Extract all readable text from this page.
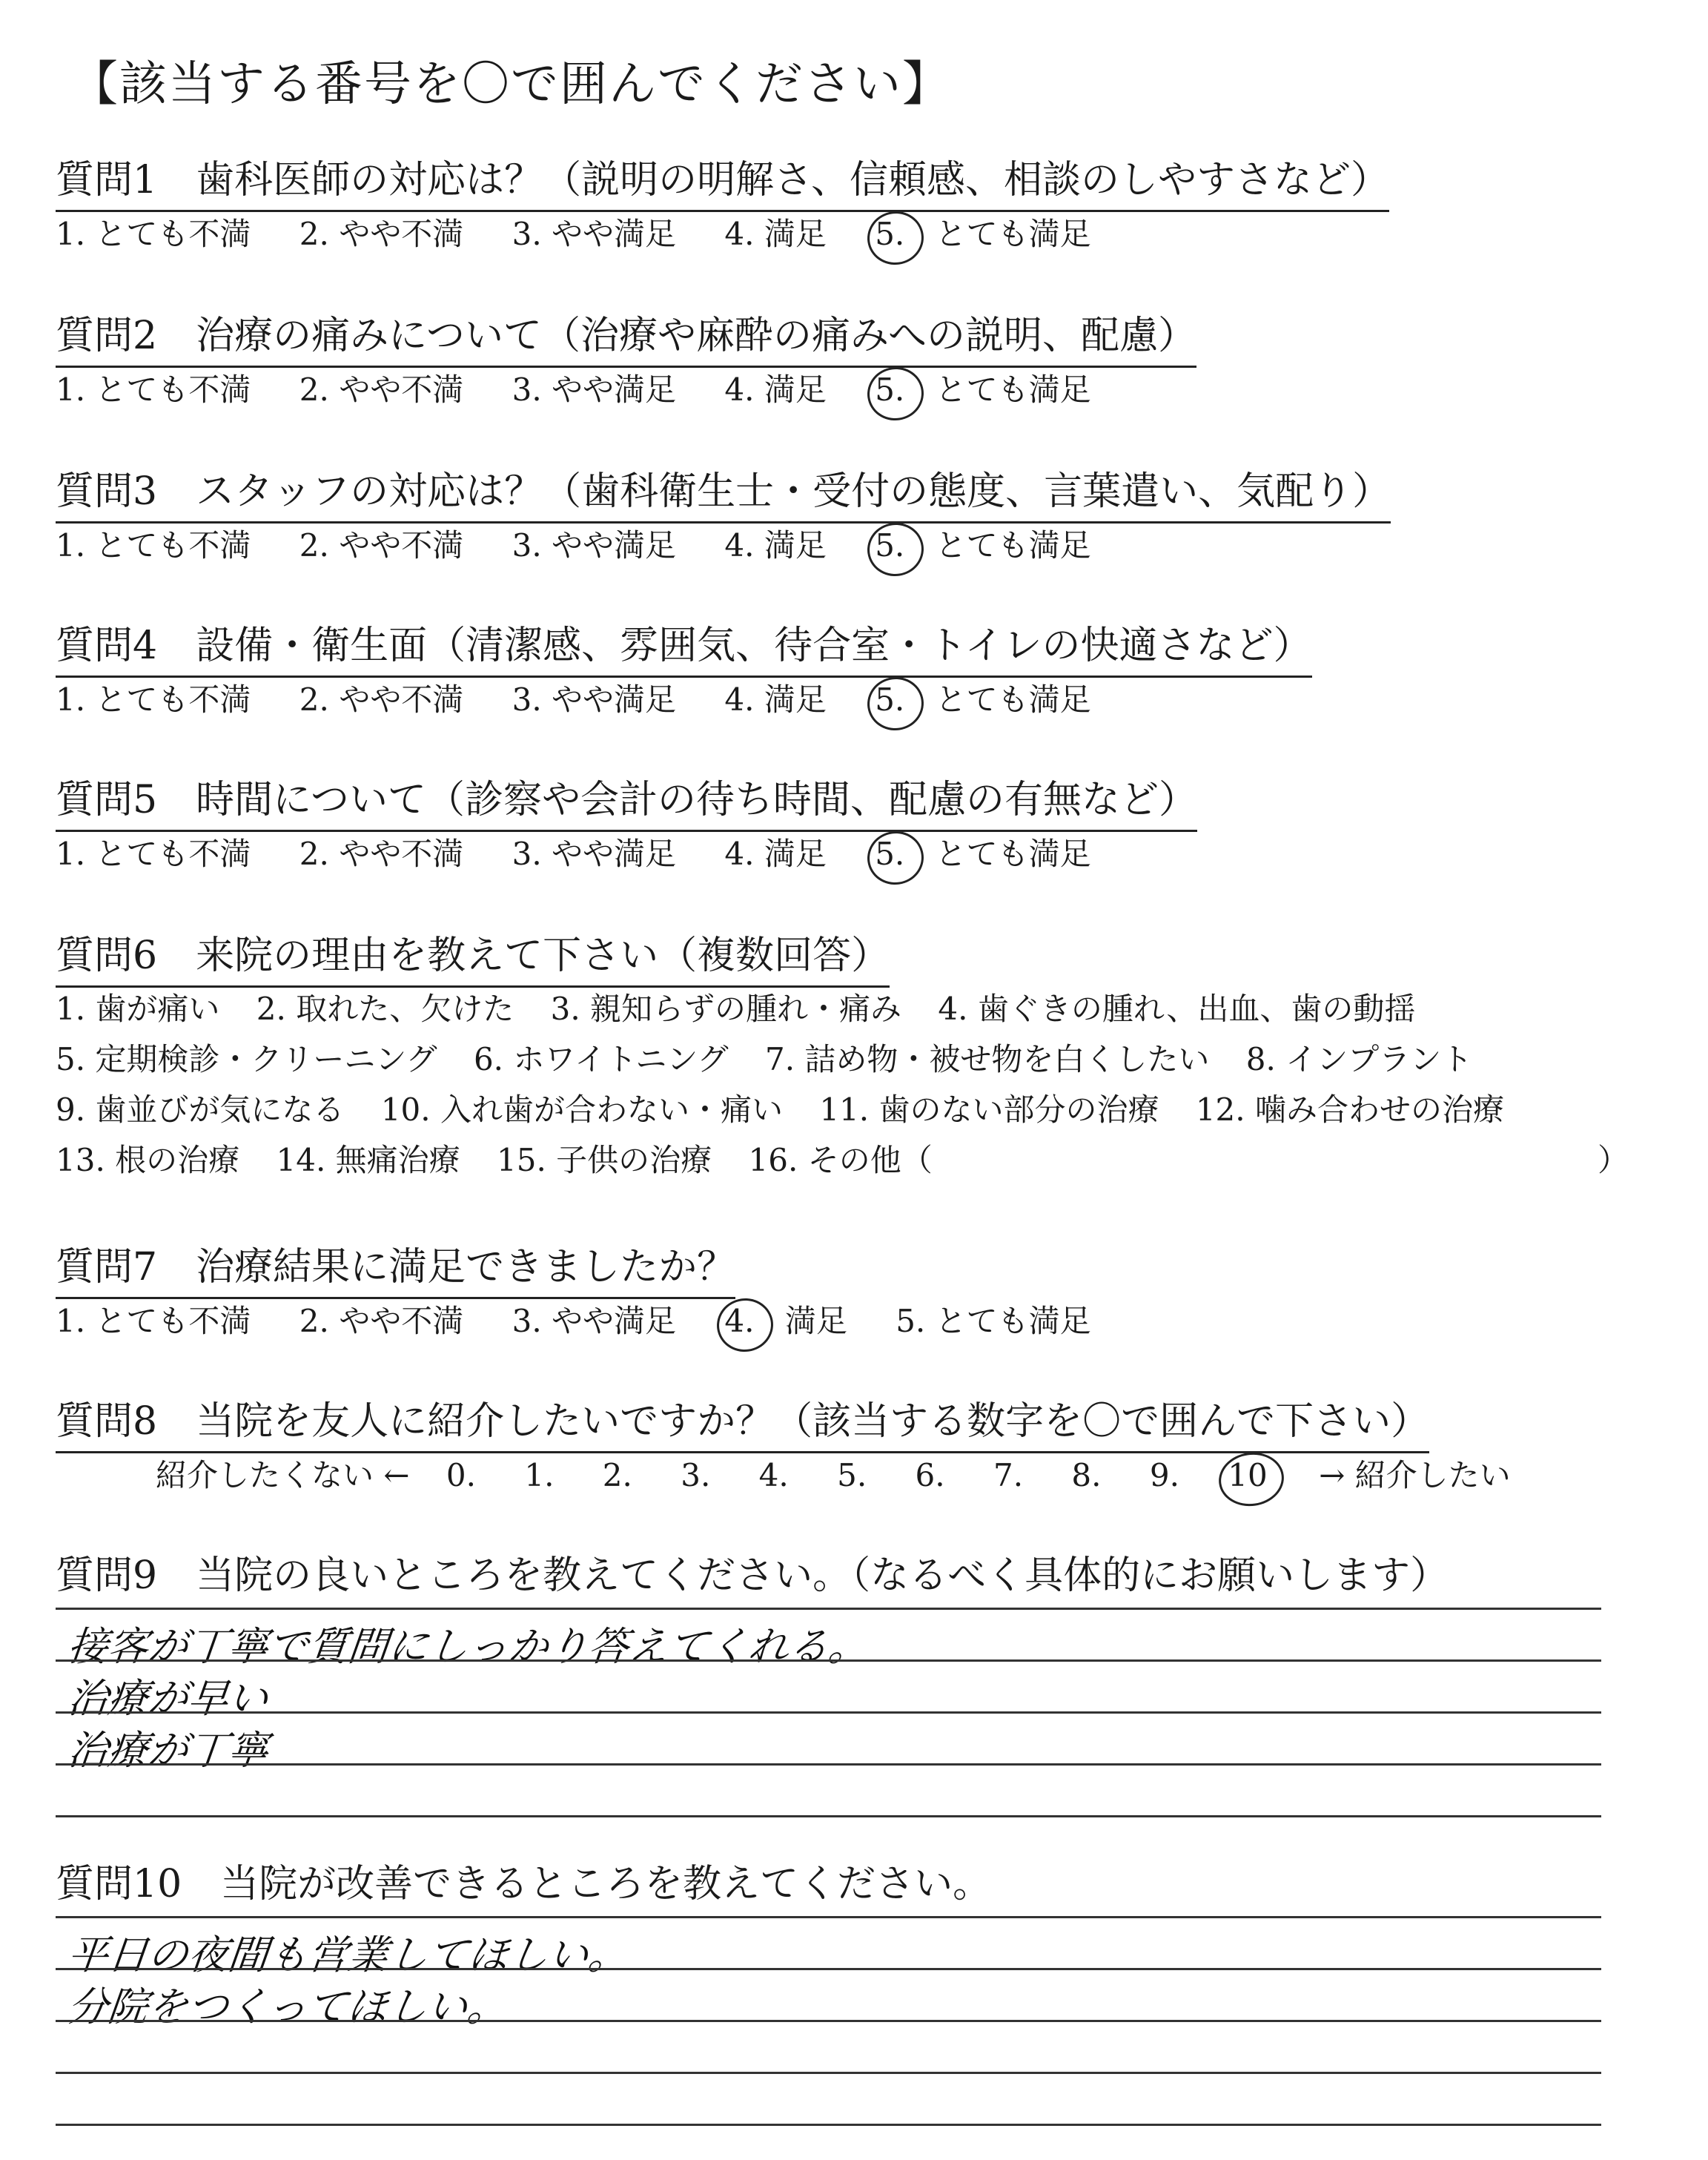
【該当する番号を〇で囲んでください】
質問1　歯科医師の対応は？（説明の明解さ、信頼感、相談のしやすさなど）
1. とても不満 2. やや不満 3. やや満足 4. 満足 5. とても満足
質問2　治療の痛みについて（治療や麻酔の痛みへの説明、配慮）
1. とても不満 2. やや不満 3. やや満足 4. 満足 5. とても満足
質問3　スタッフの対応は？（歯科衛生士・受付の態度、言葉遣い、気配り）
1. とても不満 2. やや不満 3. やや満足 4. 満足 5. とても満足
質問4　設備・衛生面（清潔感、雰囲気、待合室・トイレの快適さなど）
1. とても不満 2. やや不満 3. やや満足 4. 満足 5. とても満足
質問5　時間について（診察や会計の待ち時間、配慮の有無など）
1. とても不満 2. やや不満 3. やや満足 4. 満足 5. とても満足
質問6　来院の理由を教えて下さい（複数回答）
1. 歯が痛い 2. 取れた、欠けた 3. 親知らずの腫れ・痛み 4. 歯ぐきの腫れ、出血、歯の動揺
5. 定期検診・クリーニング 6. ホワイトニング 7. 詰め物・被せ物を白くしたい 8. インプラント
9. 歯並びが気になる 10. 入れ歯が合わない・痛い 11. 歯のない部分の治療 12. 噛み合わせの治療
13. 根の治療 14. 無痛治療 15. 子供の治療 16. その他（	）
質問7　治療結果に満足できましたか？
1. とても不満 2. やや不満 3. やや満足 4. 満足 5. とても満足
質問8　当院を友人に紹介したいですか？（該当する数字を〇で囲んで下さい）
紹介したくない ← 0. 1. 2. 3. 4. 5. 6. 7. 8. 9. 10 → 紹介したい
質問9　当院の良いところを教えてください。（なるべく具体的にお願いします）
接客が丁寧で質問にしっかり答えてくれる。
治療が早い
治療が丁寧
質問10　当院が改善できるところを教えてください。
平日の夜間も営業してほしい。
分院をつくってほしい。
